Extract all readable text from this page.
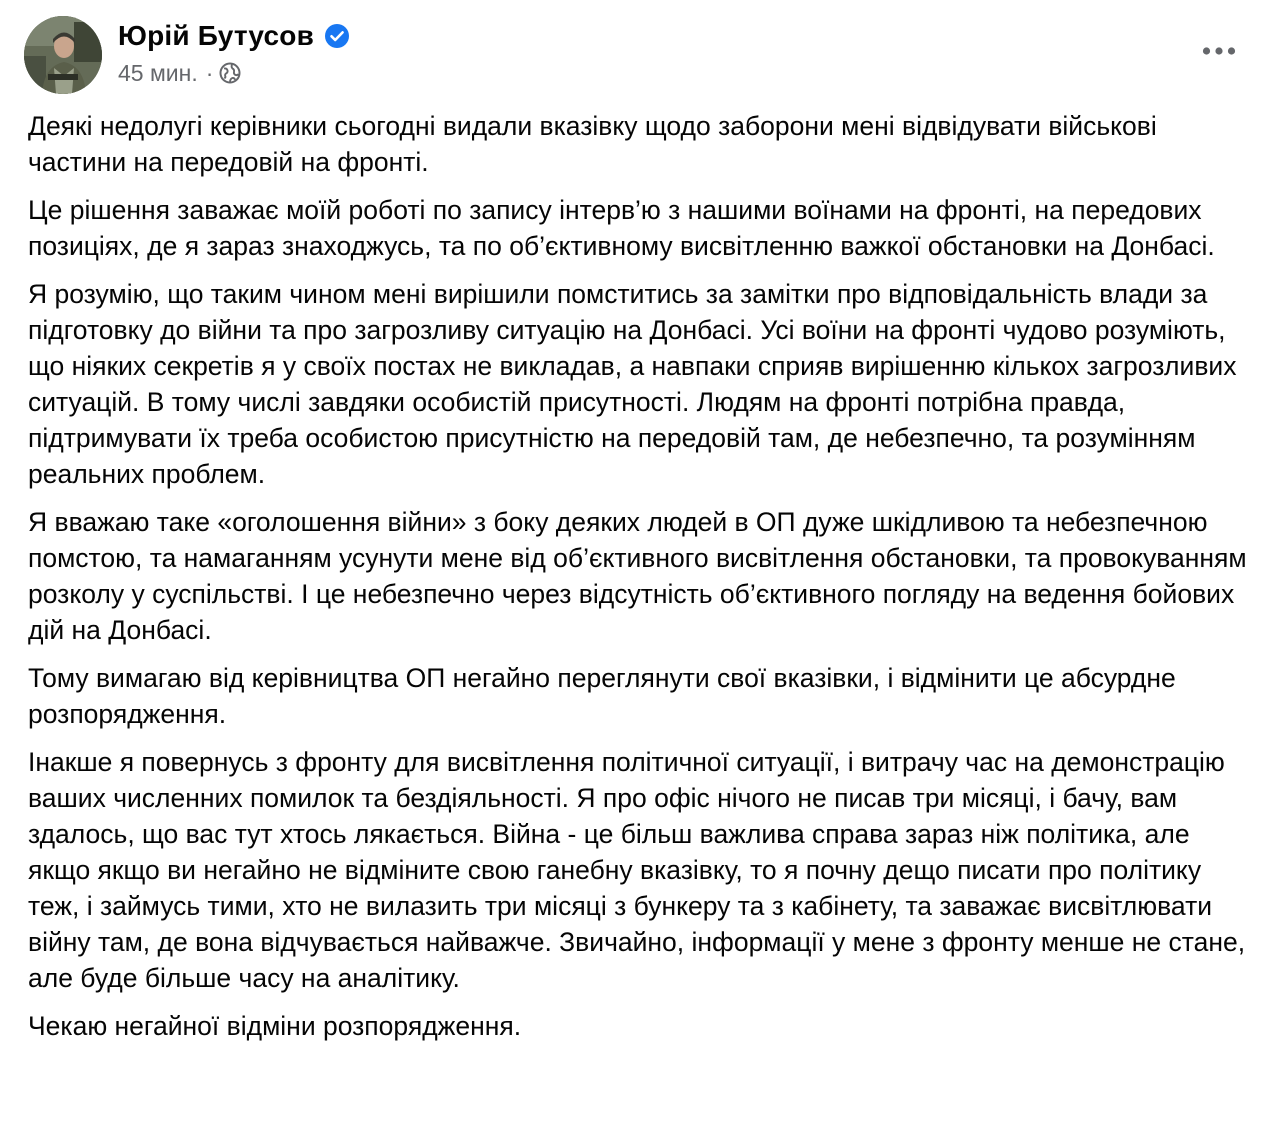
Юрій Бутусов
45 мин. ·

Деякі недолугі керівники сьогодні видали вказівку щодо заборони мені відвідувати військові частини на передовій на фронті.

Це рішення заважає моїй роботі по запису інтерв’ю з нашими воїнами на фронті, на передових позиціях, де я зараз знаходжусь, та по об’єктивному висвітленню важкої обстановки на Донбасі.

Я розумію, що таким чином мені вирішили помститись за замітки про відповідальність влади за підготовку до війни та про загрозливу ситуацію на Донбасі. Усі воїни на фронті чудово розуміють, що ніяких секретів я у своїх постах не викладав, а навпаки сприяв вирішенню кількох загрозливих ситуацій. В тому числі завдяки особистій присутності. Людям на фронті потрібна правда, підтримувати їх треба особистою присутністю на передовій там, де небезпечно, та розумінням реальних проблем.

Я вважаю таке «оголошення війни» з боку деяких людей в ОП дуже шкідливою та небезпечною помстою, та намаганням усунути мене від об’єктивного висвітлення обстановки, та провокуванням розколу у суспільстві. І це небезпечно через відсутність об’єктивного погляду на ведення бойових дій на Донбасі.

Тому вимагаю від керівництва ОП негайно переглянути свої вказівки, і відмінити це абсурдне розпорядження.

Інакше я повернусь з фронту для висвітлення політичної ситуації, і витрачу час на демонстрацію ваших численних помилок та бездіяльності. Я про офіс нічого не писав три місяці, і бачу, вам здалось, що вас тут хтось лякається. Війна - це більш важлива справа зараз ніж політика, але якщо якщо ви негайно не відміните свою ганебну вказівку, то я почну дещо писати про політику теж, і займусь тими, хто не вилазить три місяці з бункеру та з кабінету, та заважає висвітлювати війну там, де вона відчувається найважче. Звичайно, інформації у мене з фронту менше не стане, але буде більше часу на аналітику.

Чекаю негайної відміни розпорядження.
